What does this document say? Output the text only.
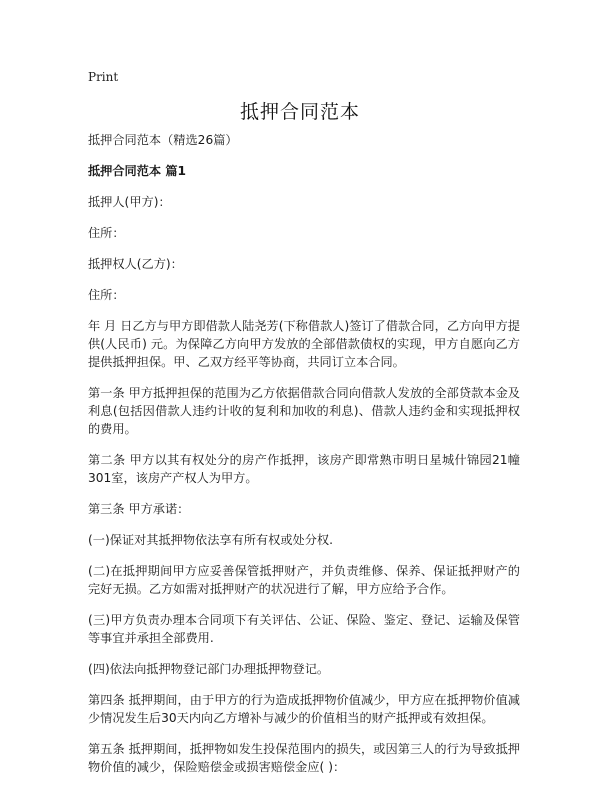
Print
抵押合同范本

抵押合同范本（精选26篇）

抵押合同范本 篇1

抵押人(甲方)：

住所：

抵押权人(乙方)：

住所：

年 月 日乙方与甲方即借款人陆尧芳(下称借款人)签订了借款合同，乙方向甲方提供(人民币) 元。为保障乙方向甲方发放的全部借款债权的实现，甲方自愿向乙方提供抵押担保。甲、乙双方经平等协商，共同订立本合同。

第一条 甲方抵押担保的范围为乙方依据借款合同向借款人发放的全部贷款本金及利息(包括因借款人违约计收的复利和加收的利息)、借款人违约金和实现抵押权的费用。

第二条 甲方以其有权处分的房产作抵押，该房产即常熟市明日星城什锦园21幢301室，该房产产权人为甲方。

第三条 甲方承诺：

(一)保证对其抵押物依法享有所有权或处分权.

(二)在抵押期间甲方应妥善保管抵押财产，并负责维修、保养、保证抵押财产的完好无损。乙方如需对抵押财产的状况进行了解，甲方应给予合作。

(三)甲方负责办理本合同项下有关评估、公证、保险、鉴定、登记、运输及保管等事宜并承担全部费用.

(四)依法向抵押物登记部门办理抵押物登记。

第四条 抵押期间，由于甲方的行为造成抵押物价值减少，甲方应在抵押物价值减少情况发生后30天内向乙方增补与减少的价值相当的财产抵押或有效担保。

第五条 抵押期间，抵押物如发生投保范围内的损失，或因第三人的行为导致抵押物价值的减少，保险赔偿金或损害赔偿金应( )：
